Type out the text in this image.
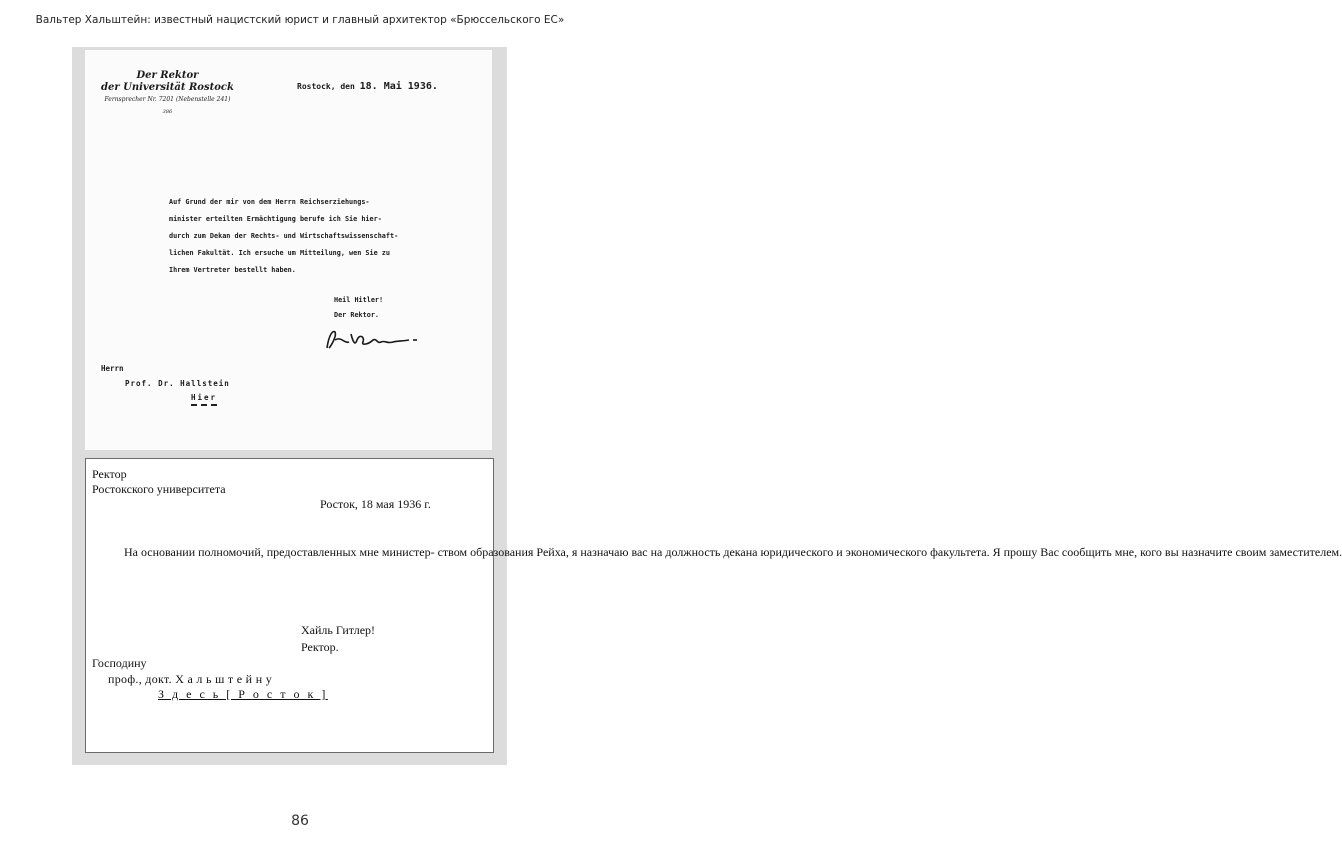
Вальтер Хальштейн: известный нацистский юрист и главный архитектор «Брюссельского ЕС»
Der Rektor
der Universität Rostock
Fernsprecher Nr. 7201 (Nebenstelle 241)
386
Rostock, den 18. Mai 1936.
Auf Grund der mir von dem Herrn Reichserziehungs-
minister erteilten Ermächtigung berufe ich Sie hier-
durch zum Dekan der Rechts- und Wirtschaftswissenschaft-
lichen Fakultät. Ich ersuche um Mitteilung, wen Sie zu
Ihrem Vertreter bestellt haben.
Heil Hitler!
Der Rektor.
Herrn
Prof. Dr. Hallstein
Hier
Ректор
Ростокского университета
Росток, 18 мая 1936 г.
На основании полномочий, предоставленных мне министер- ством образования Рейха, я назначаю вас на должность декана юридического и экономического факультета. Я прошу Вас сообщить мне, кого вы назначите своим заместителем.
Хайль Гитлер!
Ректор.
Господину
проф., докт. Х а л ь ш т е й н у
З д е с ь [ Р о с т о к ]
86
